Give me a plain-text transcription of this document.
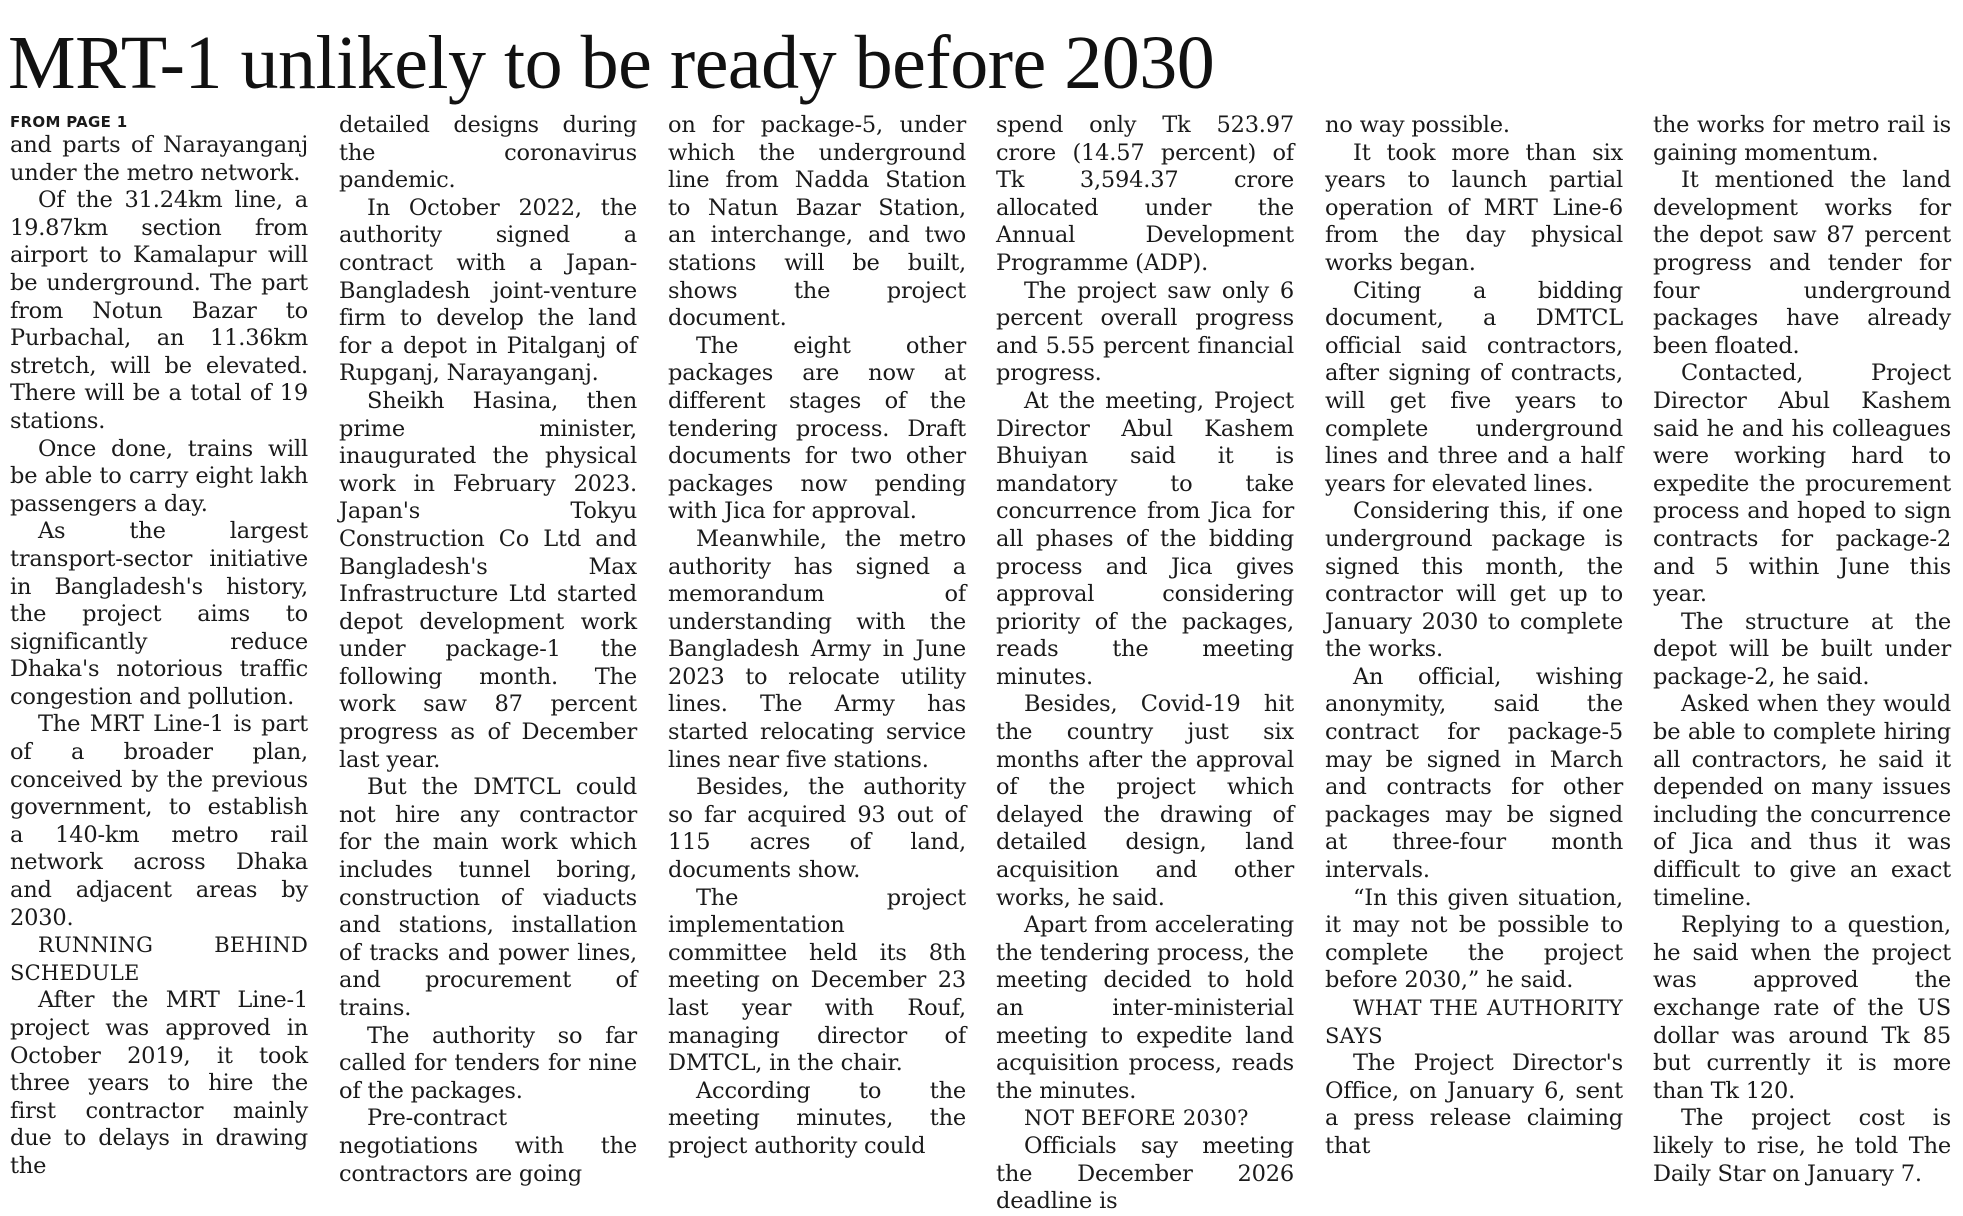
MRT-1 unlikely to be ready before 2030
FROM PAGE 1

and parts of Narayanganj under the metro network.

Of the 31.24km line, a 19.87km section from airport to Kamalapur will be underground. The part from Notun Bazar to Purbachal, an 11.36km stretch, will be elevated. There will be a total of 19 stations.

Once done, trains will be able to carry eight lakh passengers a day.

As the largest transport-sector initiative in Bangladesh's history, the project aims to significantly reduce Dhaka's notorious traffic congestion and pollution.

The MRT Line-1 is part of a broader plan, conceived by the previous government, to establish a 140-km metro rail network across Dhaka and adjacent areas by 2030.

RUNNING BEHIND SCHEDULE

After the MRT Line-1 project was approved in October 2019, it took three years to hire the first contractor mainly due to delays in drawing the

detailed designs during the coronavirus pandemic.

In October 2022, the authority signed a contract with a Japan-Bangladesh joint-venture firm to develop the land for a depot in Pitalganj of Rupganj, Narayanganj.

Sheikh Hasina, then prime minister, inaugurated the physical work in February 2023. Japan's Tokyu Construction Co Ltd and Bangladesh's Max Infrastructure Ltd started depot development work under package-1 the following month. The work saw 87 percent progress as of December last year.

But the DMTCL could not hire any contractor for the main work which includes tunnel boring, construction of viaducts and stations, installation of tracks and power lines, and procurement of trains.

The authority so far called for tenders for nine of the packages.

Pre-contract negotiations with the contractors are going

on for package-5, under which the underground line from Nadda Station to Natun Bazar Station, an interchange, and two stations will be built, shows the project document.

The eight other packages are now at different stages of the tendering process. Draft documents for two other packages now pending with Jica for approval.

Meanwhile, the metro authority has signed a memorandum of understanding with the Bangladesh Army in June 2023 to relocate utility lines. The Army has started relocating service lines near five stations.

Besides, the authority so far acquired 93 out of 115 acres of land, documents show.

The project implementation committee held its 8th meeting on December 23 last year with Rouf, managing director of DMTCL, in the chair.

According to the meeting minutes, the project authority could

spend only Tk 523.97 crore (14.57 percent) of Tk 3,594.37 crore allocated under the Annual Development Programme (ADP).

The project saw only 6 percent overall progress and 5.55 percent financial progress.

At the meeting, Project Director Abul Kashem Bhuiyan said it is mandatory to take concurrence from Jica for all phases of the bidding process and Jica gives approval considering priority of the packages, reads the meeting minutes.

Besides, Covid-19 hit the country just six months after the approval of the project which delayed the drawing of detailed design, land acquisition and other works, he said.

Apart from accelerating the tendering process, the meeting decided to hold an inter-ministerial meeting to expedite land acquisition process, reads the minutes.

NOT BEFORE 2030?

Officials say meeting the December 2026 deadline is

no way possible.

It took more than six years to launch partial operation of MRT Line-6 from the day physical works began.

Citing a bidding document, a DMTCL official said contractors, after signing of contracts, will get five years to complete underground lines and three and a half years for elevated lines.

Considering this, if one underground package is signed this month, the contractor will get up to January 2030 to complete the works.

An official, wishing anonymity, said the contract for package-5 may be signed in March and contracts for other packages may be signed at three-four month intervals.

“In this given situation, it may not be possible to complete the project before 2030,” he said.

WHAT THE AUTHORITY SAYS

The Project Director's Office, on January 6, sent a press release claiming that

the works for metro rail is gaining momentum.

It mentioned the land development works for the depot saw 87 percent progress and tender for four underground packages have already been floated.

Contacted, Project Director Abul Kashem said he and his colleagues were working hard to expedite the procurement process and hoped to sign contracts for package-2 and 5 within June this year.

The structure at the depot will be built under package-2, he said.

Asked when they would be able to complete hiring all contractors, he said it depended on many issues including the concurrence of Jica and thus it was difficult to give an exact timeline.

Replying to a question, he said when the project was approved the exchange rate of the US dollar was around Tk 85 but currently it is more than Tk 120.

The project cost is likely to rise, he told The Daily Star on January 7.
